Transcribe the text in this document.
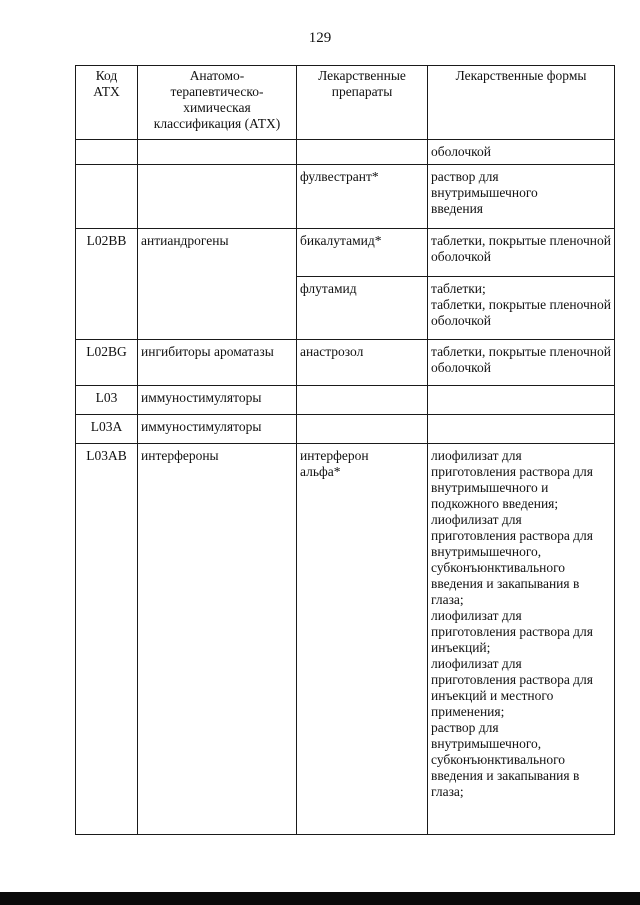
129
Код АТХ	Анатомо-терапевтическо-химическая классификация (АТХ)	Лекарственные препараты	Лекарственные формы

			оболочкой
		фулвестрант*	раствор для внутримышечного введения

L02BB	антиандрогены	бикалутамид*	таблетки, покрытые пленочной оболочкой
		флутамид	таблетки;
таблетки, покрытые пленочной оболочкой

L02BG	ингибиторы ароматазы	анастрозол	таблетки, покрытые пленочной оболочкой
L03	иммуностимуляторы		
L03A	иммуностимуляторы		
L03AB	интерфероны	интерферон альфа*	лиофилизат для приготовления раствора для внутримышечного и подкожного введения;
лиофилизат для приготовления раствора для внутримышечного, субконъюнктивального введения и закапывания в глаза;
лиофилизат для приготовления раствора для инъекций;
лиофилизат для приготовления раствора для инъекций и местного применения;
раствор для внутримышечного, субконъюнктивального введения и закапывания в глаза;
